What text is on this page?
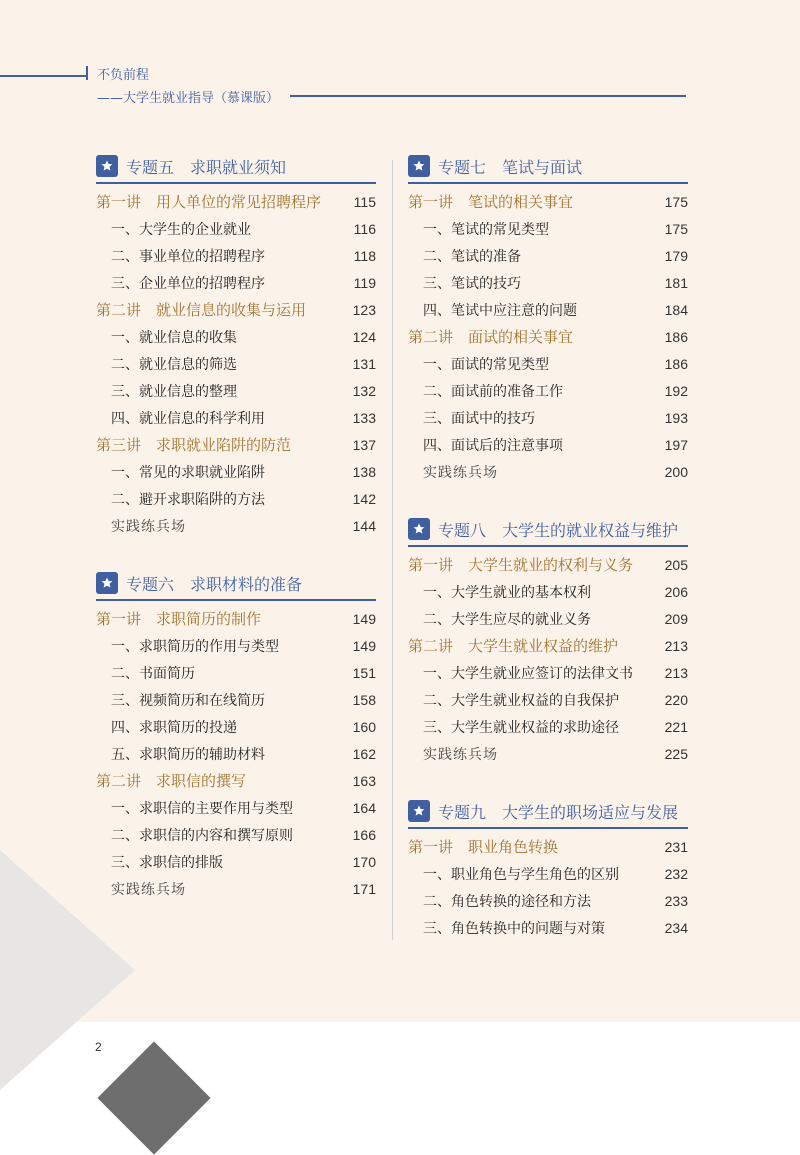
不负前程
——大学生就业指导（慕课版）
专题五　求职就业须知
第一讲　用人单位的常见招聘程序 115
一、大学生的企业就业	116
二、事业单位的招聘程序	118
三、企业单位的招聘程序	119
第二讲　就业信息的收集与运用	123
一、就业信息的收集	124
二、就业信息的筛选	131
三、就业信息的整理	132
四、就业信息的科学利用	133
第三讲　求职就业陷阱的防范	137
一、常见的求职就业陷阱	138
二、避开求职陷阱的方法	142
实践练兵场	144
专题六　求职材料的准备
第一讲　求职简历的制作	149
一、求职简历的作用与类型	149
二、书面简历	151
三、视频简历和在线简历	158
四、求职简历的投递	160
五、求职简历的辅助材料	162
第二讲　求职信的撰写	163
一、求职信的主要作用与类型	164
二、求职信的内容和撰写原则	166
三、求职信的排版	170
实践练兵场	171
专题七　笔试与面试
第一讲　笔试的相关事宜	175
一、笔试的常见类型	175
二、笔试的准备	179
三、笔试的技巧	181
四、笔试中应注意的问题	184
第二讲　面试的相关事宜	186
一、面试的常见类型	186
二、面试前的准备工作	192
三、面试中的技巧	193
四、面试后的注意事项	197
实践练兵场	200
专题八　大学生的就业权益与维护
第一讲　大学生就业的权利与义务 205
一、大学生就业的基本权利	206
二、大学生应尽的就业义务	209
第二讲　大学生就业权益的维护	213
一、大学生就业应签订的法律文书 213
二、大学生就业权益的自我保护	220
三、大学生就业权益的求助途径	221
实践练兵场	225
专题九　大学生的职场适应与发展
第一讲　职业角色转换	231
一、职业角色与学生角色的区别	232
二、角色转换的途径和方法	233
三、角色转换中的问题与对策	234
2
